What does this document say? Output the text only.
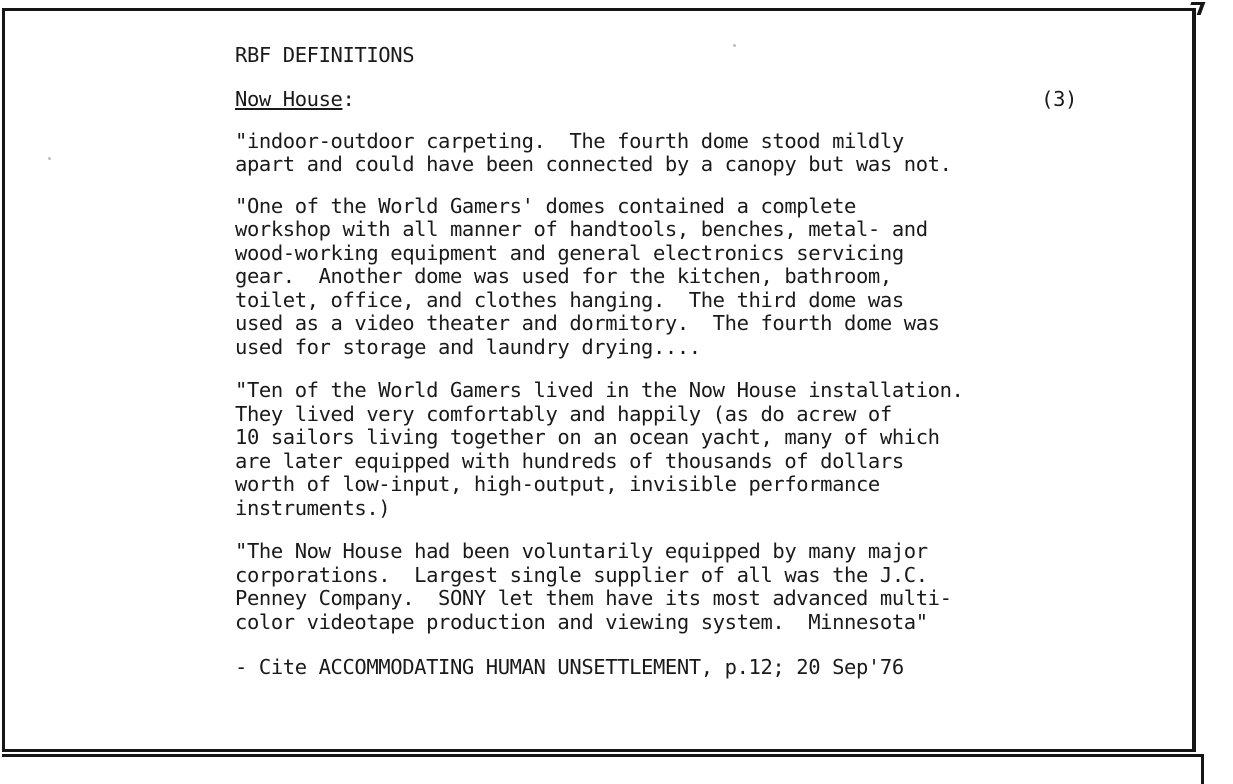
RBF DEFINITIONS
Now House:	(3)
"indoor-outdoor carpeting.  The fourth dome stood mildly
apart and could have been connected by a canopy but was not.
"One of the World Gamers' domes contained a complete
workshop with all manner of handtools, benches, metal- and
wood-working equipment and general electronics servicing
gear.  Another dome was used for the kitchen, bathroom,
toilet, office, and clothes hanging.  The third dome was
used as a video theater and dormitory.  The fourth dome was
used for storage and laundry drying....
"Ten of the World Gamers lived in the Now House installation.
They lived very comfortably and happily (as do acrew of
10 sailors living together on an ocean yacht, many of which
are later equipped with hundreds of thousands of dollars
worth of low-input, high-output, invisible performance
instruments.)
"The Now House had been voluntarily equipped by many major
corporations.  Largest single supplier of all was the J.C.
Penney Company.  SONY let them have its most advanced multi-
color videotape production and viewing system.  Minnesota"
- Cite ACCOMMODATING HUMAN UNSETTLEMENT, p.12; 20 Sep'76
